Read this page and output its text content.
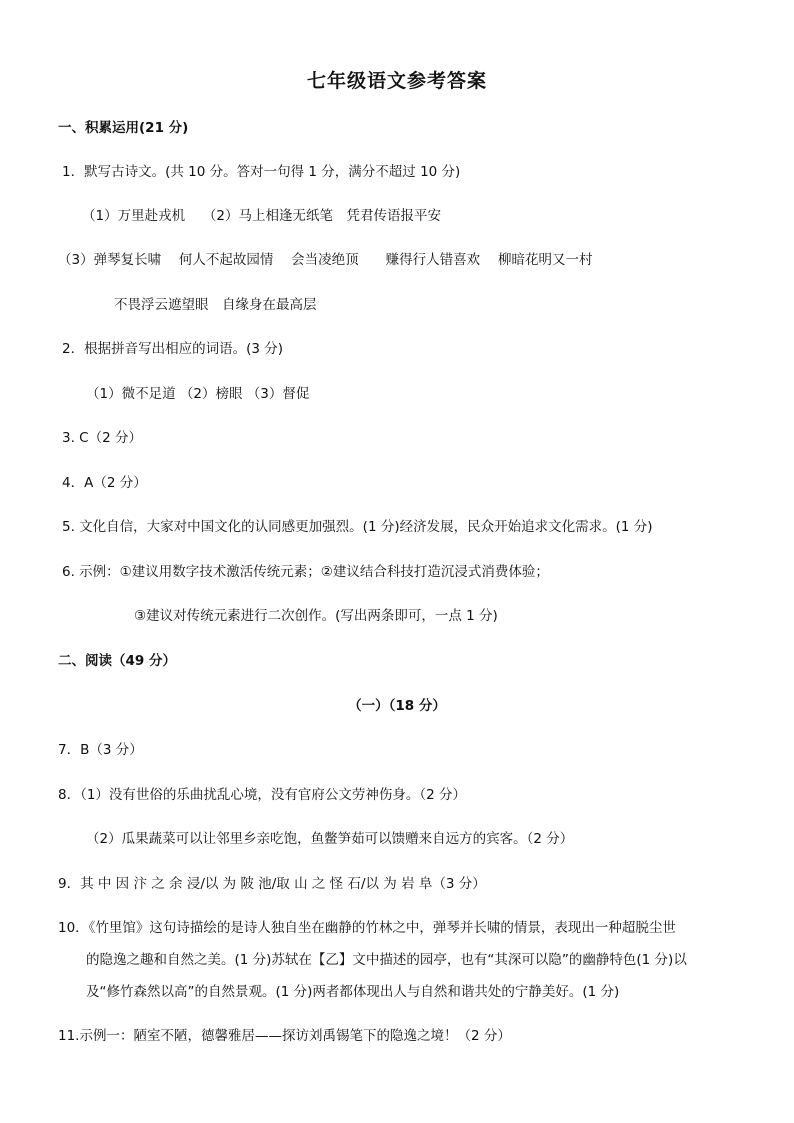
七年级语文参考答案
一、积累运用(21 分)
1．默写古诗文。(共 10 分。答对一句得 1 分，满分不超过 10 分)
（1）万里赴戎机　 （2）马上相逢无纸笔　凭君传语报平安
（3）弹琴复长啸　 何人不起故园情　 会当凌绝顶　　赚得行人错喜欢　 柳暗花明又一村
不畏浮云遮望眼　自缘身在最高层
2．根据拼音写出相应的词语。(3 分)
（1）微不足道 （2）榜眼 （3）督促
3. C（2 分）
4．A（2 分）
5. 文化自信，大家对中国文化的认同感更加强烈。(1 分)经济发展，民众开始追求文化需求。(1 分)
6. 示例：①建议用数字技术激活传统元素；②建议结合科技打造沉浸式消费体验；
③建议对传统元素进行二次创作。(写出两条即可，一点 1 分)
二、阅读（49 分）
（一）（18 分）
7．B（3 分）
8．（1）没有世俗的乐曲扰乱心境，没有官府公文劳神伤身。（2 分）
（2）瓜果蔬菜可以让邻里乡亲吃饱，鱼鳖笋茹可以馈赠来自远方的宾客。（2 分）
9．其 中 因 汴 之 余 浸/以 为 陂 池/取 山 之 怪 石/以 为 岩 阜（3 分）
10．《竹里馆》这句诗描绘的是诗人独自坐在幽静的竹林之中，弹琴并长啸的情景，表现出一种超脱尘世
的隐逸之趣和自然之美。(1 分)苏轼在【乙】文中描述的园亭，也有“其深可以隐”的幽静特色(1 分)以
及“修竹森然以高”的自然景观。(1 分)两者都体现出人与自然和谐共处的宁静美好。(1 分)
11.示例一：陋室不陋，德馨雅居——探访刘禹锡笔下的隐逸之境！（2 分）
